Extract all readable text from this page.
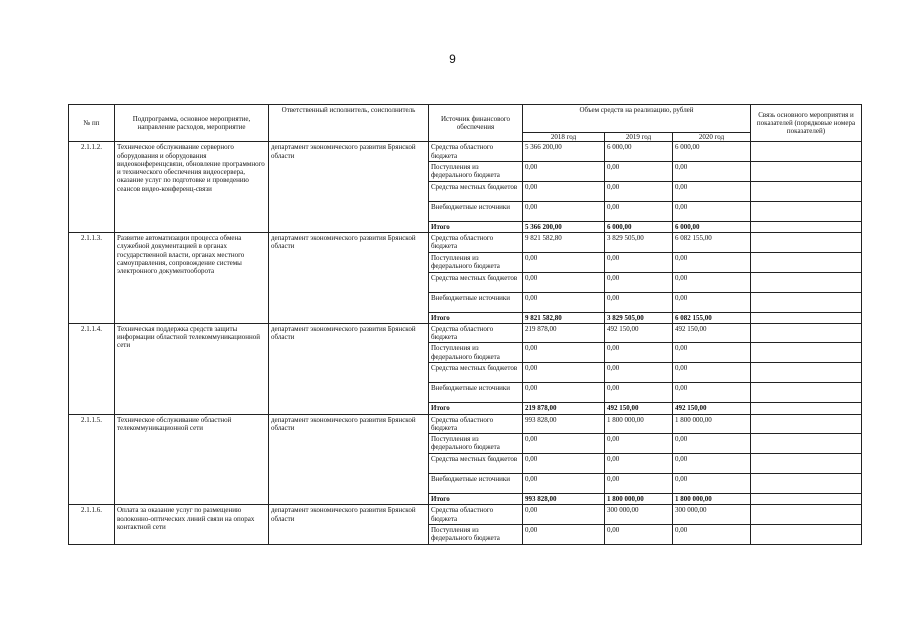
9
№ пп	Подпрограмма, основное мероприятие, направление расходов, мероприятие	Ответственный исполнитель, соисполнитель	Источник финансового обеспечения	Объем средств на реализацию, рублей			Связь основного мероприятия и показателей (порядковые номера показателей)
				2018 год	2019 год	2020 год	
2.1.1.2.	Техническое обслуживание серверного оборудования и оборудования видеоконференцсвязи, обновление программного и технического обеспечения видеосервера, оказание услуг по подготовке и проведению сеансов видео-конференц-связи	департамент экономического развития Брянской области	Средства областного бюджета	5 366 200,00	6 000,00	6 000,00	
			Поступления из федерального бюджета	0,00	0,00	0,00	
			Средства местных бюджетов	0,00	0,00	0,00	
			Внебюджетные источники	0,00	0,00	0,00	
			Итого	5 366 200,00	6 000,00	6 000,00	
2.1.1.3.	Развитие автоматизации процесса обмена служебной документацией в органах государственной власти, органах местного самоуправления, сопровождение системы электронного документооборота	департамент экономического развития Брянской области	Средства областного бюджета	9 821 582,80	3 829 505,00	6 082 155,00	
			Поступления из федерального бюджета	0,00	0,00	0,00	
			Средства местных бюджетов	0,00	0,00	0,00	
			Внебюджетные источники	0,00	0,00	0,00	
			Итого	9 821 582,80	3 829 505,00	6 082 155,00	
2.1.1.4.	Техническая поддержка средств защиты информации областной телекоммуникационной сети	департамент экономического развития Брянской области	Средства областного бюджета	219 878,00	492 150,00	492 150,00	
			Поступления из федерального бюджета	0,00	0,00	0,00	
			Средства местных бюджетов	0,00	0,00	0,00	
			Внебюджетные источники	0,00	0,00	0,00	
			Итого	219 878,00	492 150,00	492 150,00	
2.1.1.5.	Техническое обслуживание областной телекоммуникационной сети	департамент экономического развития Брянской области	Средства областного бюджета	993 828,00	1 800 000,00	1 800 000,00	
			Поступления из федерального бюджета	0,00	0,00	0,00	
			Средства местных бюджетов	0,00	0,00	0,00	
			Внебюджетные источники	0,00	0,00	0,00	
			Итого	993 828,00	1 800 000,00	1 800 000,00	
2.1.1.6.	Оплата за оказание услуг по размещению волоконно-оптических линий связи на опорах контактной сети	департамент экономического развития Брянской области	Средства областного бюджета	0,00	300 000,00	300 000,00	
			Поступления из федерального бюджета	0,00	0,00	0,00	
